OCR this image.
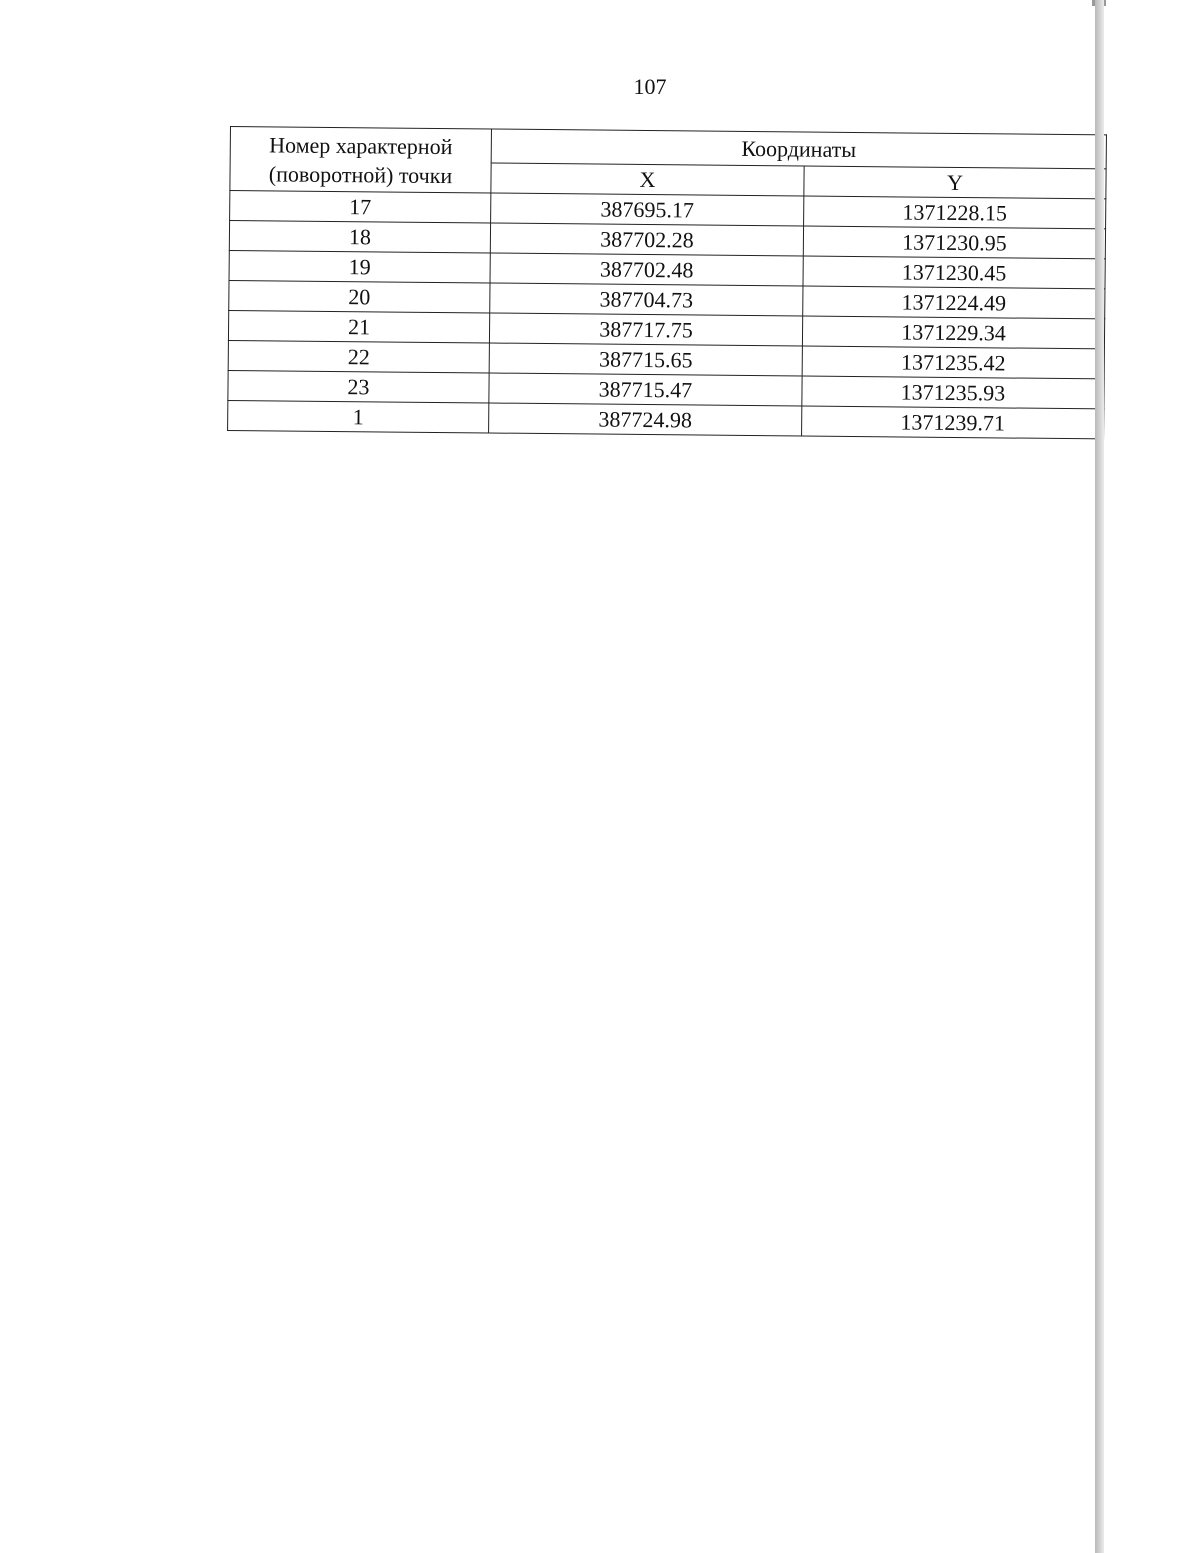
107
Номер характерной (поворотной) точки	Координаты	
	X	Y
17	387695.17	1371228.15
18	387702.28	1371230.95
19	387702.48	1371230.45
20	387704.73	1371224.49
21	387717.75	1371229.34
22	387715.65	1371235.42
23	387715.47	1371235.93
1	387724.98	1371239.71
